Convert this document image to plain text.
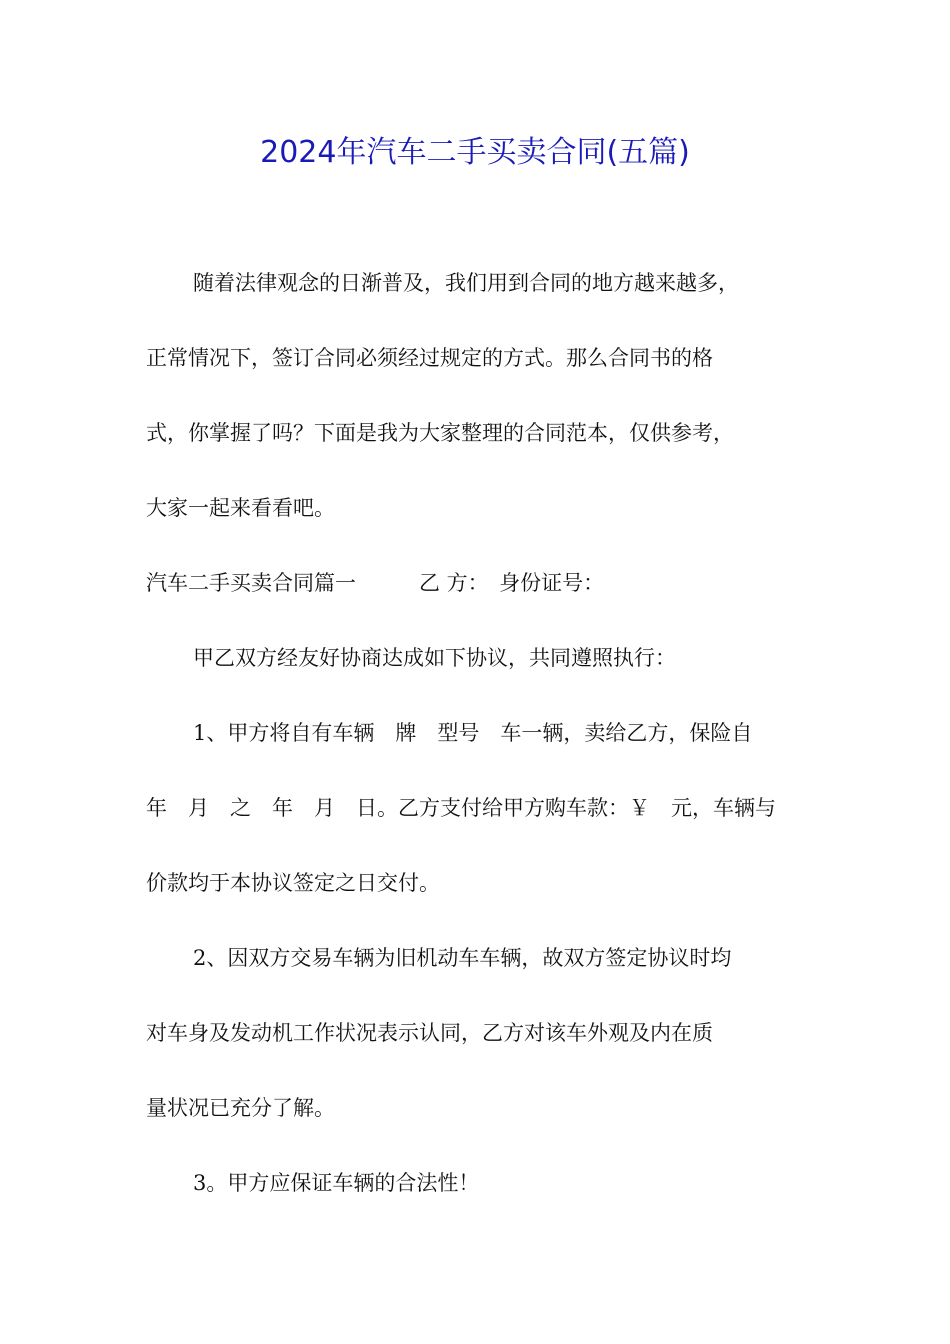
2024年汽车二手买卖合同(五篇)
随着法律观念的日渐普及，我们用到合同的地方越来越多，
正常情况下，签订合同必须经过规定的方式。那么合同书的格
式，你掌握了吗？下面是我为大家整理的合同范本，仅供参考，
大家一起来看看吧。
汽车二手买卖合同篇一　　　乙 方：　身份证号：
甲乙双方经友好协商达成如下协议，共同遵照执行：
1、甲方将自有车辆　牌　型号　车一辆，卖给乙方，保险自
年　月　之　年　月　日。乙方支付给甲方购车款：￥　元，车辆与
价款均于本协议签定之日交付。
2、因双方交易车辆为旧机动车车辆，故双方签定协议时均
对车身及发动机工作状况表示认同，乙方对该车外观及内在质
量状况已充分了解。
3。甲方应保证车辆的合法性！
